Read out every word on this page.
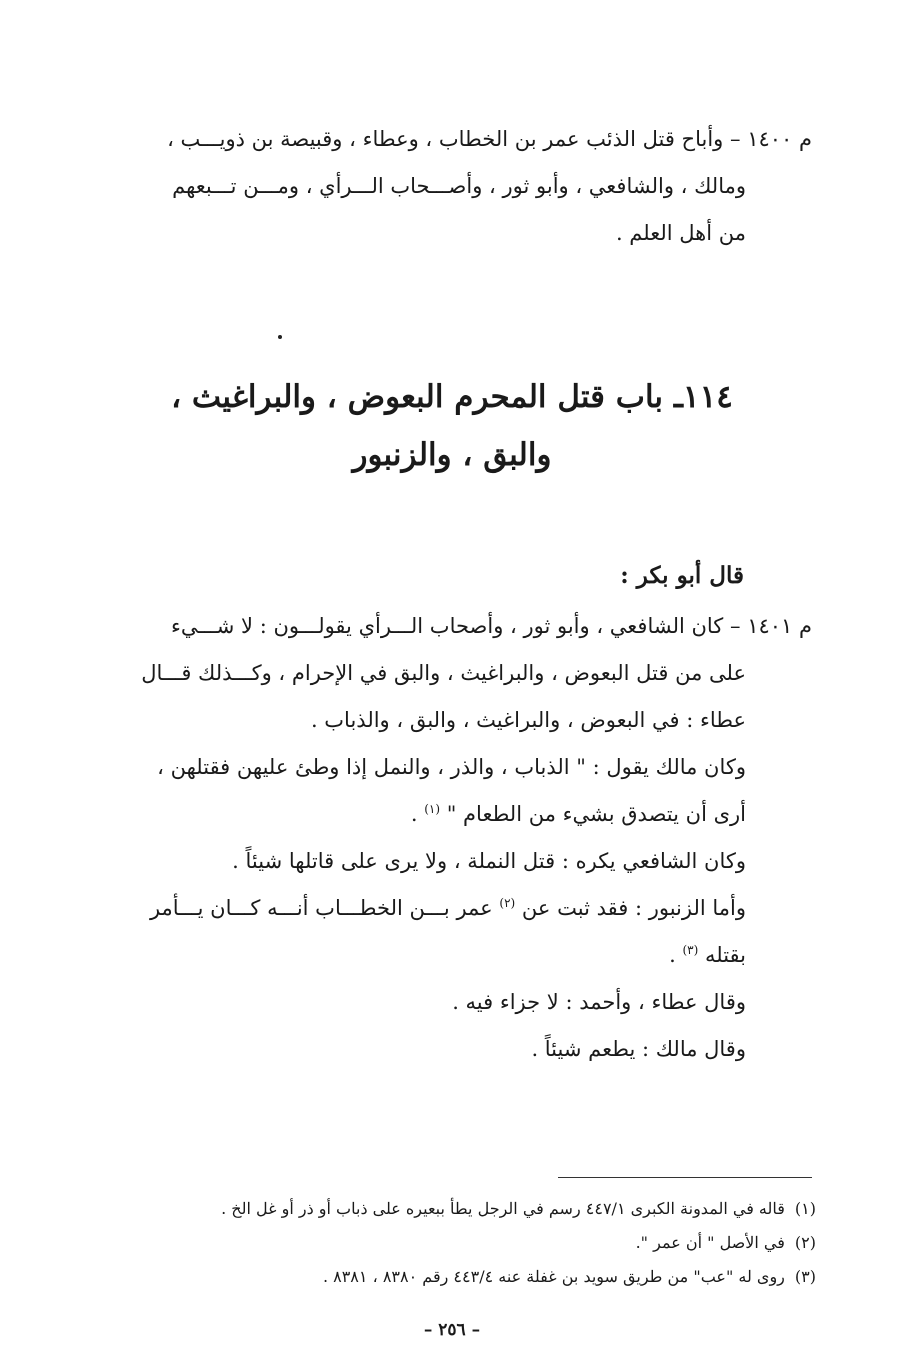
م ١٤٠٠ – وأباح قتل الذئب عمر بن الخطاب ، وعطاء ، وقبيصة بن ذويـــب ،

ومالك ، والشافعي ، وأبو ثور ، وأصـــحاب الـــرأي ، ومـــن تـــبعهم

من أهل العلم .

١١٤ـ باب قتل المحرم البعوض ، والبراغيث ،
والبق ، والزنبور
قال أبو بكر :

م ١٤٠١ – كان الشافعي ، وأبو ثور ، وأصحاب الـــرأي يقولـــون : لا شـــيء

على من قتل البعوض ، والبراغيث ، والبق في الإحرام ، وكـــذلك قـــال

عطاء : في البعوض ، والبراغيث ، والبق ، والذباب .

وكان مالك يقول : " الذباب ، والذر ، والنمل إذا وطئ عليهن فقتلهن ،

أرى أن يتصدق بشيء من الطعام " $^{(١)}$ .

وكان الشافعي يكره : قتل النملة ، ولا يرى على قاتلها شيئاً .

وأما الزنبور : فقد ثبت عن $^{(٢)}$ عمر بـــن الخطـــاب أنـــه كـــان يـــأمر

بقتله $^{(٣)}$ .

وقال عطاء ، وأحمد : لا جزاء فيه .

وقال مالك : يطعم شيئاً .

(١)قاله في المدونة الكبرى ٤٤٧/١ رسم في الرجل يطأ ببعيره على ذباب أو ذر أو غل الخ .

(٢)في الأصل " أن عمر ".

(٣)روى له "عب" من طريق سويد بن غفلة عنه ٤٤٣/٤ رقم ٨٣٨٠ ، ٨٣٨١ .

– ٢٥٦ –
